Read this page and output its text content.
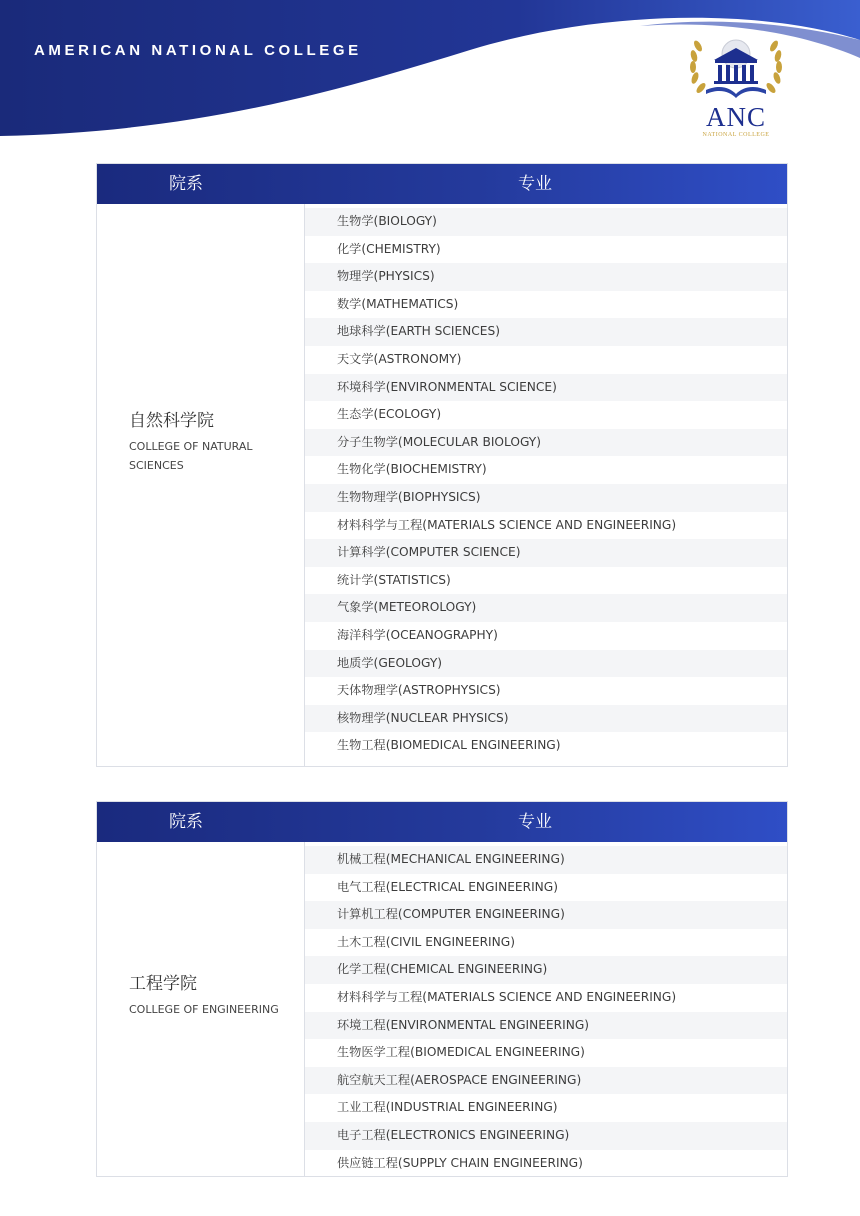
AMERICAN NATIONAL COLLEGE
ANC
NATIONAL COLLEGE
院系	专业
自然科学院
COLLEGE OF NATURAL SCIENCES
生物学(BIOLOGY)
化学(CHEMISTRY)
物理学(PHYSICS)
数学(MATHEMATICS)
地球科学(EARTH SCIENCES)
天文学(ASTRONOMY)
环境科学(ENVIRONMENTAL SCIENCE)
生态学(ECOLOGY)
分子生物学(MOLECULAR BIOLOGY)
生物化学(BIOCHEMISTRY)
生物物理学(BIOPHYSICS)
材料科学与工程(MATERIALS SCIENCE AND ENGINEERING)
计算科学(COMPUTER SCIENCE)
统计学(STATISTICS)
气象学(METEOROLOGY)
海洋科学(OCEANOGRAPHY)
地质学(GEOLOGY)
天体物理学(ASTROPHYSICS)
核物理学(NUCLEAR PHYSICS)
生物工程(BIOMEDICAL ENGINEERING)
院系	专业
工程学院
COLLEGE OF ENGINEERING
机械工程(MECHANICAL ENGINEERING)
电气工程(ELECTRICAL ENGINEERING)
计算机工程(COMPUTER ENGINEERING)
土木工程(CIVIL ENGINEERING)
化学工程(CHEMICAL ENGINEERING)
材料科学与工程(MATERIALS SCIENCE AND ENGINEERING)
环境工程(ENVIRONMENTAL ENGINEERING)
生物医学工程(BIOMEDICAL ENGINEERING)
航空航天工程(AEROSPACE ENGINEERING)
工业工程(INDUSTRIAL ENGINEERING)
电子工程(ELECTRONICS ENGINEERING)
供应链工程(SUPPLY CHAIN ENGINEERING)
